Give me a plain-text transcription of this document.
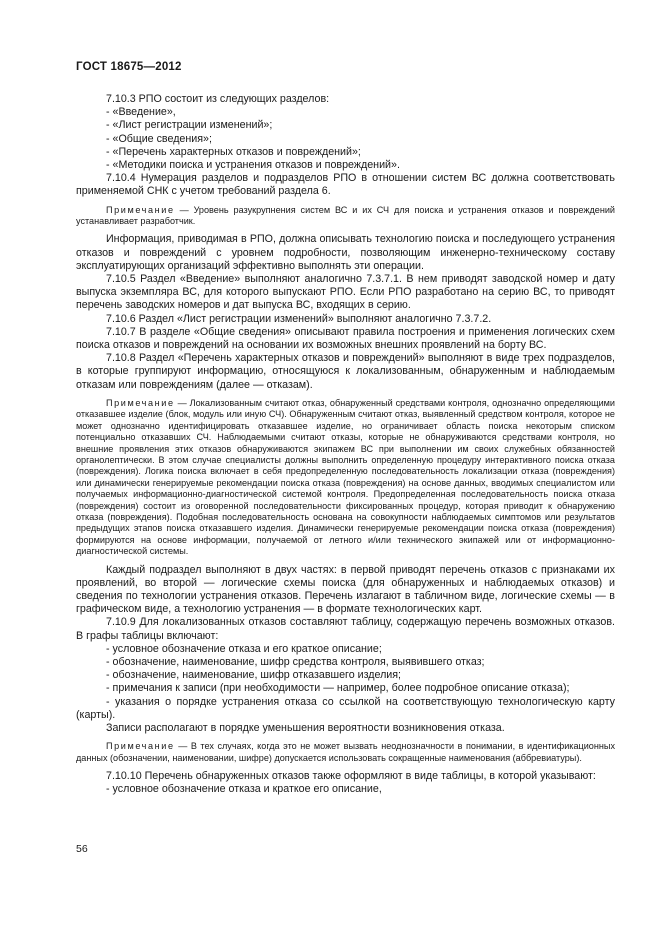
ГОСТ 18675—2012

7.10.3 РПО состоит из следующих разделов:

- «Введение»,

- «Лист регистрации изменений»;

- «Общие сведения»;

- «Перечень характерных отказов и повреждений»;

- «Методики поиска и устранения отказов и повреждений».

7.10.4 Нумерация разделов и подразделов РПО в отношении систем ВС должна соответствовать применяемой СНК с учетом требований раздела 6.

Примечание — Уровень разукрупнения систем ВС и их СЧ для поиска и устранения отказов и повреждений устанавливает разработчик.

Информация, приводимая в РПО, должна описывать технологию поиска и последующего устранения отказов и повреждений с уровнем подробности, позволяющим инженерно-техническому составу эксплуатирующих организаций эффективно выполнять эти операции.

7.10.5 Раздел «Введение» выполняют аналогично 7.3.7.1. В нем приводят заводской номер и дату выпуска экземпляра ВС, для которого выпускают РПО. Если РПО разработано на серию ВС, то приводят перечень заводских номеров и дат выпуска ВС, входящих в серию.

7.10.6 Раздел «Лист регистрации изменений» выполняют аналогично 7.3.7.2.

7.10.7 В разделе «Общие сведения» описывают правила построения и применения логических схем поиска отказов и повреждений на основании их возможных внешних проявлений на борту ВС.

7.10.8 Раздел «Перечень характерных отказов и повреждений» выполняют в виде трех подразделов, в которые группируют информацию, относящуюся к локализованным, обнаруженным и наблюдаемым отказам или повреждениям (далее — отказам).

Примечание — Локализованным считают отказ, обнаруженный средствами контроля, однозначно определяющими отказавшее изделие (блок, модуль или иную СЧ). Обнаруженным считают отказ, выявленный средством контроля, которое не может однозначно идентифицировать отказавшее изделие, но ограничивает область поиска некоторым списком потенциально отказавших СЧ. Наблюдаемыми считают отказы, которые не обнаруживаются средствами контроля, но внешние проявления этих отказов обнаруживаются экипажем ВС при выполнении им своих служебных обязанностей органолептически. В этом случае специалисты должны выполнить определенную процедуру интерактивного поиска отказа (повреждения). Логика поиска включает в себя предопределенную последовательность локализации отказа (повреждения) или динамически генерируемые рекомендации поиска отказа (повреждения) на основе данных, вводимых специалистом или получаемых информационно-диагностической системой контроля. Предопределенная последовательность поиска отказа (повреждения) состоит из оговоренной последовательности фиксированных процедур, которая приводит к обнаружению отказа (повреждения). Подобная последовательность основана на совокупности наблюдаемых симптомов или результатов предыдущих этапов поиска отказавшего изделия. Динамически генерируемые рекомендации поиска отказа (повреждения) формируются на основе информации, получаемой от летного и/или технического экипажей или от информационно-диагностической системы.

Каждый подраздел выполняют в двух частях: в первой приводят перечень отказов с признаками их проявлений, во второй — логические схемы поиска (для обнаруженных и наблюдаемых отказов) и сведения по технологии устранения отказов. Перечень излагают в табличном виде, логические схемы — в графическом виде, а технологию устранения — в формате технологических карт.

7.10.9 Для локализованных отказов составляют таблицу, содержащую перечень возможных отказов. В графы таблицы включают:

- условное обозначение отказа и его краткое описание;

- обозначение, наименование, шифр средства контроля, выявившего отказ;

- обозначение, наименование, шифр отказавшего изделия;

- примечания к записи (при необходимости — например, более подробное описание отказа);

- указания о порядке устранения отказа со ссылкой на соответствующую технологическую карту (карты).

Записи располагают в порядке уменьшения вероятности возникновения отказа.

Примечание — В тех случаях, когда это не может вызвать неоднозначности в понимании, в идентификационных данных (обозначении, наименовании, шифре) допускается использовать сокращенные наименования (аббревиатуры).

7.10.10 Перечень обнаруженных отказов также оформляют в виде таблицы, в которой указывают:

- условное обозначение отказа и краткое его описание,

56
